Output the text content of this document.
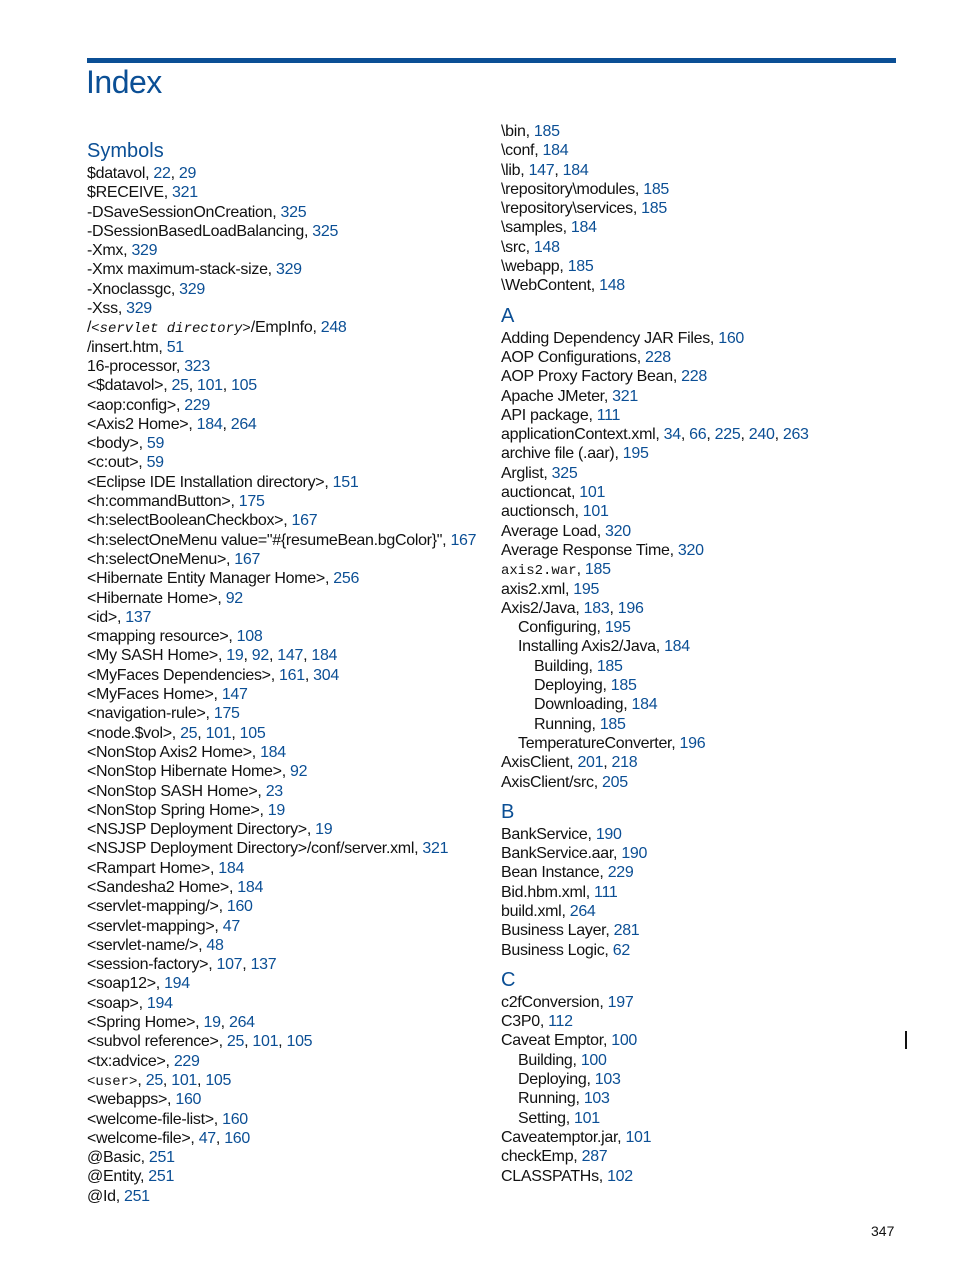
Index
Symbols
$datavol, 22, 29
$RECEIVE, 321
-DSaveSessionOnCreation, 325
-DSessionBasedLoadBalancing, 325
-Xmx, 329
-Xmx maximum-stack-size, 329
-Xnoclassgc, 329
-Xss, 329
/<servlet directory>/EmpInfo, 248
/insert.htm, 51
16-processor, 323
<$datavol>, 25, 101, 105
<aop:config>, 229
<Axis2 Home>, 184, 264
<body>, 59
<c:out>, 59
<Eclipse IDE Installation directory>, 151
<h:commandButton>, 175
<h:selectBooleanCheckbox>, 167
<h:selectOneMenu value="#{resumeBean.bgColor}", 167
<h:selectOneMenu>, 167
<Hibernate Entity Manager Home>, 256
<Hibernate Home>, 92
<id>, 137
<mapping resource>, 108
<My SASH Home>, 19, 92, 147, 184
<MyFaces Dependencies>, 161, 304
<MyFaces Home>, 147
<navigation-rule>, 175
<node.$vol>, 25, 101, 105
<NonStop Axis2 Home>, 184
<NonStop Hibernate Home>, 92
<NonStop SASH Home>, 23
<NonStop Spring Home>, 19
<NSJSP Deployment Directory>, 19
<NSJSP Deployment Directory>/conf/server.xml, 321
<Rampart Home>, 184
<Sandesha2 Home>, 184
<servlet-mapping/>, 160
<servlet-mapping>, 47
<servlet-name/>, 48
<session-factory>, 107, 137
<soap12>, 194
<soap>, 194
<Spring Home>, 19, 264
<subvol reference>, 25, 101, 105
<tx:advice>, 229
<user>, 25, 101, 105
<webapps>, 160
<welcome-file-list>, 160
<welcome-file>, 47, 160
@Basic, 251
@Entity, 251
@Id, 251
\bin, 185
\conf, 184
\lib, 147, 184
\repository\modules, 185
\repository\services, 185
\samples, 184
\src, 148
\webapp, 185
\WebContent, 148
A
Adding Dependency JAR Files, 160
AOP Configurations, 228
AOP Proxy Factory Bean, 228
Apache JMeter, 321
API package, 111
applicationContext.xml, 34, 66, 225, 240, 263
archive file (.aar), 195
Arglist, 325
auctioncat, 101
auctionsch, 101
Average Load, 320
Average Response Time, 320
axis2.war, 185
axis2.xml, 195
Axis2/Java, 183, 196
Configuring, 195
Installing Axis2/Java, 184
Building, 185
Deploying, 185
Downloading, 184
Running, 185
TemperatureConverter, 196
AxisClient, 201, 218
AxisClient/src, 205
B
BankService, 190
BankService.aar, 190
Bean Instance, 229
Bid.hbm.xml, 111
build.xml, 264
Business Layer, 281
Business Logic, 62
C
c2fConversion, 197
C3P0, 112
Caveat Emptor, 100
Building, 100
Deploying, 103
Running, 103
Setting, 101
Caveatemptor.jar, 101
checkEmp, 287
CLASSPATHs, 102
347
